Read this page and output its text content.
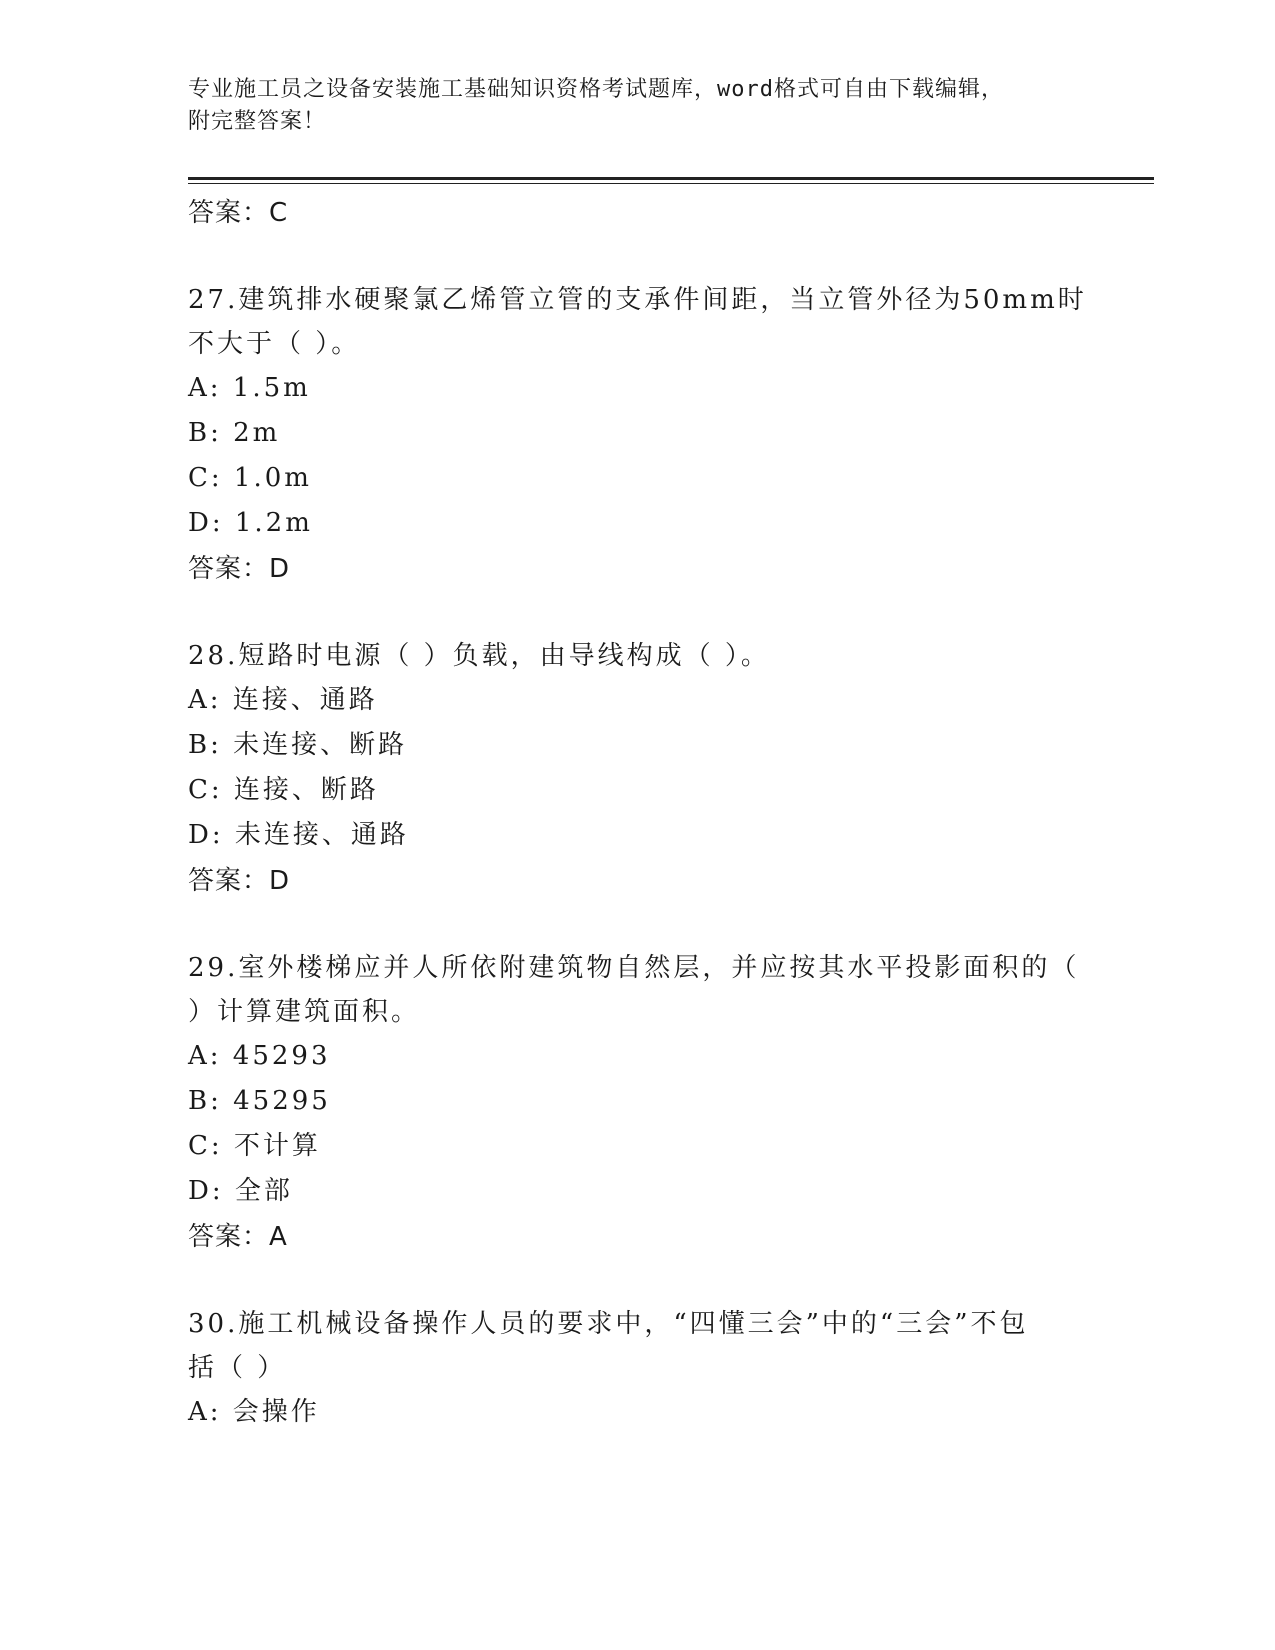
专业施工员之设备安装施工基础知识资格考试题库，word格式可自由下载编辑，
附完整答案！
答案：C
27.建筑排水硬聚氯乙烯管立管的支承件间距，当立管外径为50mm时
不大于（ ）。
A: 1.5m
B: 2m
C: 1.0m
D: 1.2m
答案：D
28.短路时电源（ ）负载，由导线构成（ ）。
A: 连接、通路
B: 未连接、断路
C: 连接、断路
D: 未连接、通路
答案：D
29.室外楼梯应并人所依附建筑物自然层，并应按其水平投影面积的（
）计算建筑面积。
A: 45293
B: 45295
C: 不计算
D: 全部
答案：A
30.施工机械设备操作人员的要求中，“四懂三会”中的“三会”不包
括（ ）
A: 会操作
